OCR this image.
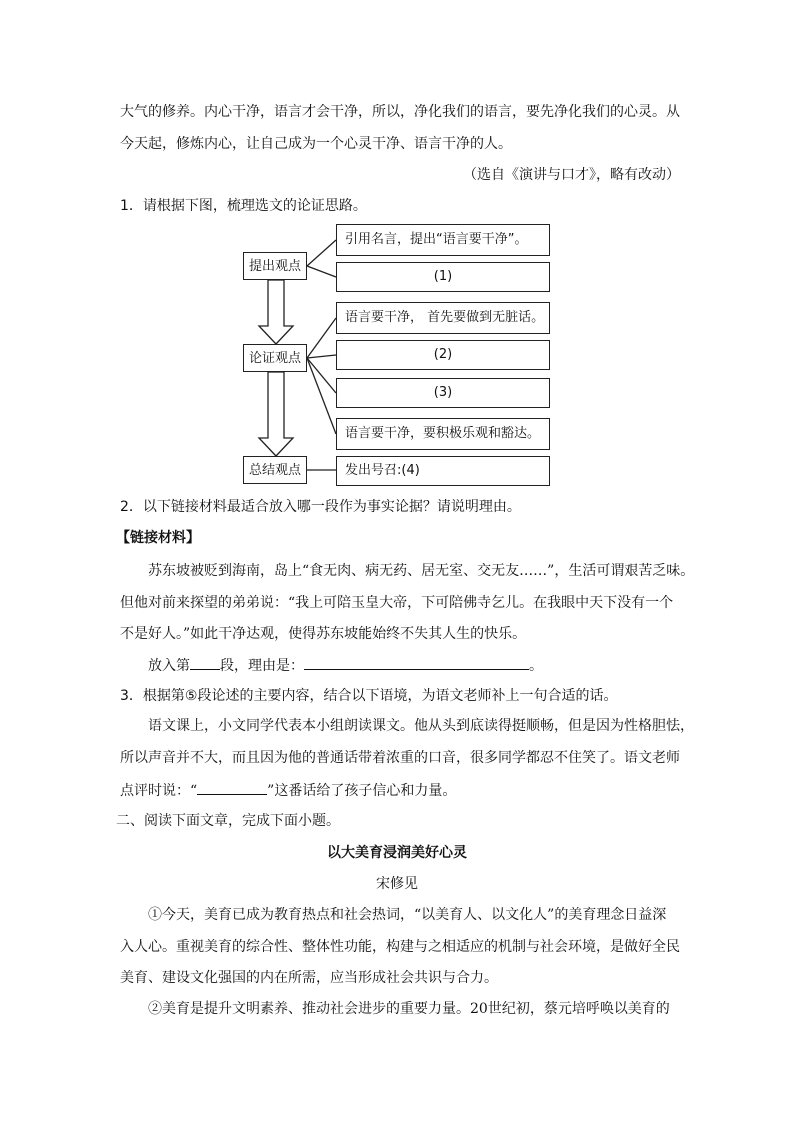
大气的修养。内心干净，语言才会干净，所以，净化我们的语言，要先净化我们的心灵。从
今天起，修炼内心，让自己成为一个心灵干净、语言干净的人。
（选自《演讲与口才》，略有改动）
1．请根据下图，梳理选文的论证思路。
提出观点
论证观点
总结观点
引用名言，提出“语言要干净”。
(1)
语言要干净， 首先要做到无脏话。
(2)
(3)
语言要干净，要积极乐观和豁达。
发出号召:(4)
2．以下链接材料最适合放入哪一段作为事实论据？请说明理由。
【链接材料】
苏东坡被贬到海南，岛上“食无肉、病无药、居无室、交无友……”，生活可谓艰苦乏味。
但他对前来探望的弟弟说：“我上可陪玉皇大帝，下可陪佛寺乞儿。在我眼中天下没有一个
不是好人。”如此干净达观，使得苏东坡能始终不失其人生的快乐。
放入第 段，理由是：	。
3．根据第⑤段论述的主要内容，结合以下语境，为语文老师补上一句合适的话。
语文课上，小文同学代表本小组朗读课文。他从头到底读得挺顺畅，但是因为性格胆怯，
所以声音并不大，而且因为他的普通话带着浓重的口音，很多同学都忍不住笑了。语文老师
点评时说：“	”这番话给了孩子信心和力量。
二、阅读下面文章，完成下面小题。
以大美育浸润美好心灵
宋修见
①今天，美育已成为教育热点和社会热词，“以美育人、以文化人”的美育理念日益深
入人心。重视美育的综合性、整体性功能，构建与之相适应的机制与社会环境，是做好全民
美育、建设文化强国的内在所需，应当形成社会共识与合力。
②美育是提升文明素养、推动社会进步的重要力量。20世纪初，蔡元培呼唤以美育的
